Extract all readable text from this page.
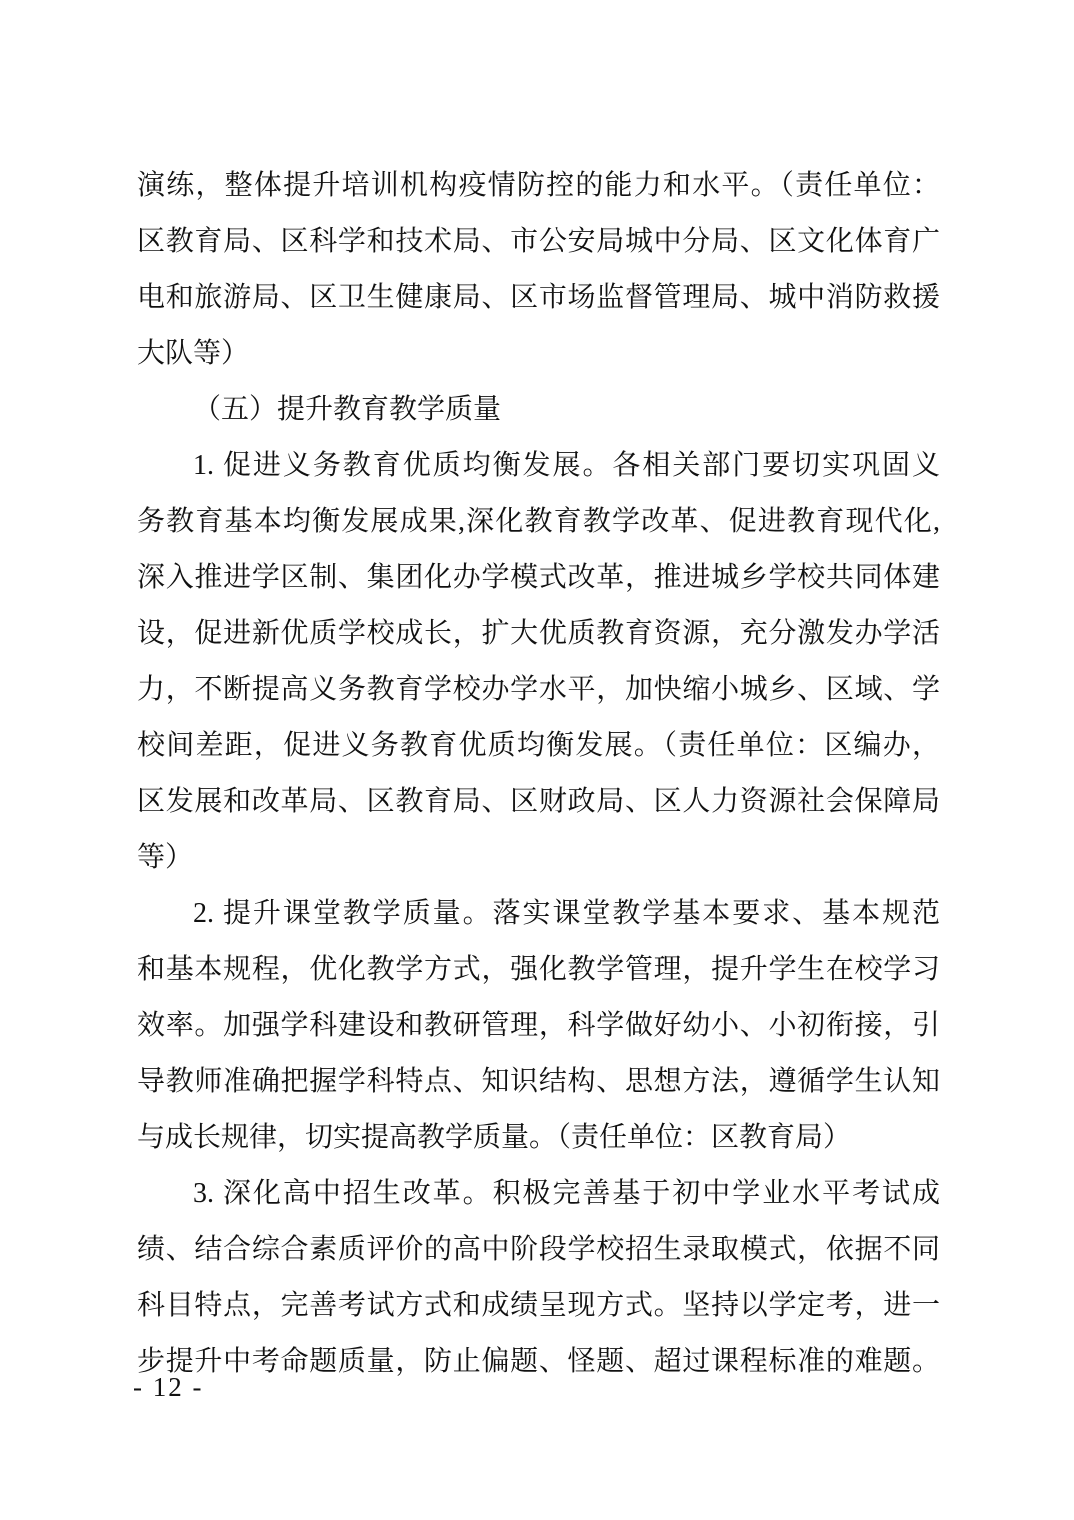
演练，整体提升培训机构疫情防控的能力和水平。（责任单位：

区教育局、区科学和技术局、市公安局城中分局、区文化体育广

电和旅游局、区卫生健康局、区市场监督管理局、城中消防救援

大队等）

（五）提升教育教学质量

1. 促进义务教育优质均衡发展。各相关部门要切实巩固义

务教育基本均衡发展成果,深化教育教学改革、促进教育现代化,

深入推进学区制、集团化办学模式改革，推进城乡学校共同体建

设，促进新优质学校成长，扩大优质教育资源，充分激发办学活

力，不断提高义务教育学校办学水平，加快缩小城乡、区域、学

校间差距，促进义务教育优质均衡发展。（责任单位：区编办，

区发展和改革局、区教育局、区财政局、区人力资源社会保障局

等）

2. 提升课堂教学质量。落实课堂教学基本要求、基本规范

和基本规程，优化教学方式，强化教学管理，提升学生在校学习

效率。加强学科建设和教研管理，科学做好幼小、小初衔接，引

导教师准确把握学科特点、知识结构、思想方法，遵循学生认知

与成长规律，切实提高教学质量。（责任单位：区教育局）

3. 深化高中招生改革。积极完善基于初中学业水平考试成

绩、结合综合素质评价的高中阶段学校招生录取模式，依据不同

科目特点，完善考试方式和成绩呈现方式。坚持以学定考，进一

步提升中考命题质量，防止偏题、怪题、超过课程标准的难题。

- 12 -
